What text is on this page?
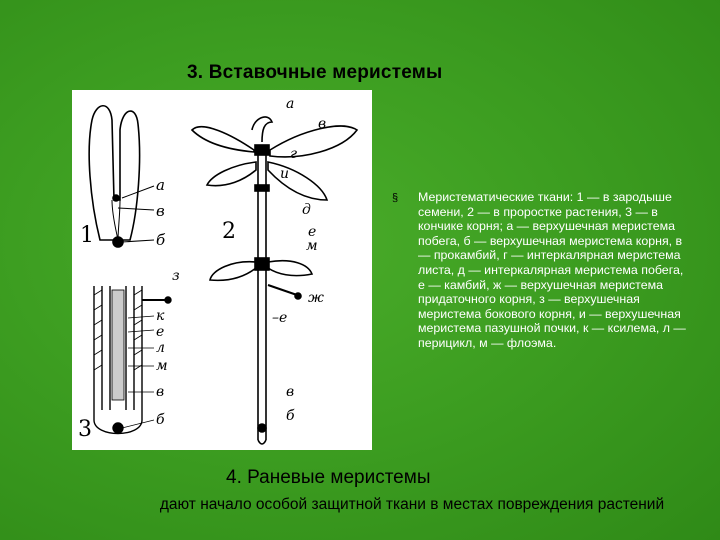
3. Вставочные меристемы
1
а
в
б	2
а
в
г
и
д
е
м
ж
–е
в
б
3
з
к
е
л
м
в
б
§ Меристематические ткани: 1 — в зародыше семени, 2 — в проростке растения, 3 — в кончике корня; а — верхушечная меристема побега, б — верхушечная меристема корня, в — прокамбий, г — интеркалярная меристема листа, д — интеркалярная меристема побега, е — камбий, ж — верхушечная меристема придаточного корня, з — верхушечная меристема бокового корня, и — верхушечная меристема пазушной почки, к — ксилема, л — перицикл, м — флоэма.
4. Раневые меристемы
дают начало особой защитной ткани в местах повреждения растений
